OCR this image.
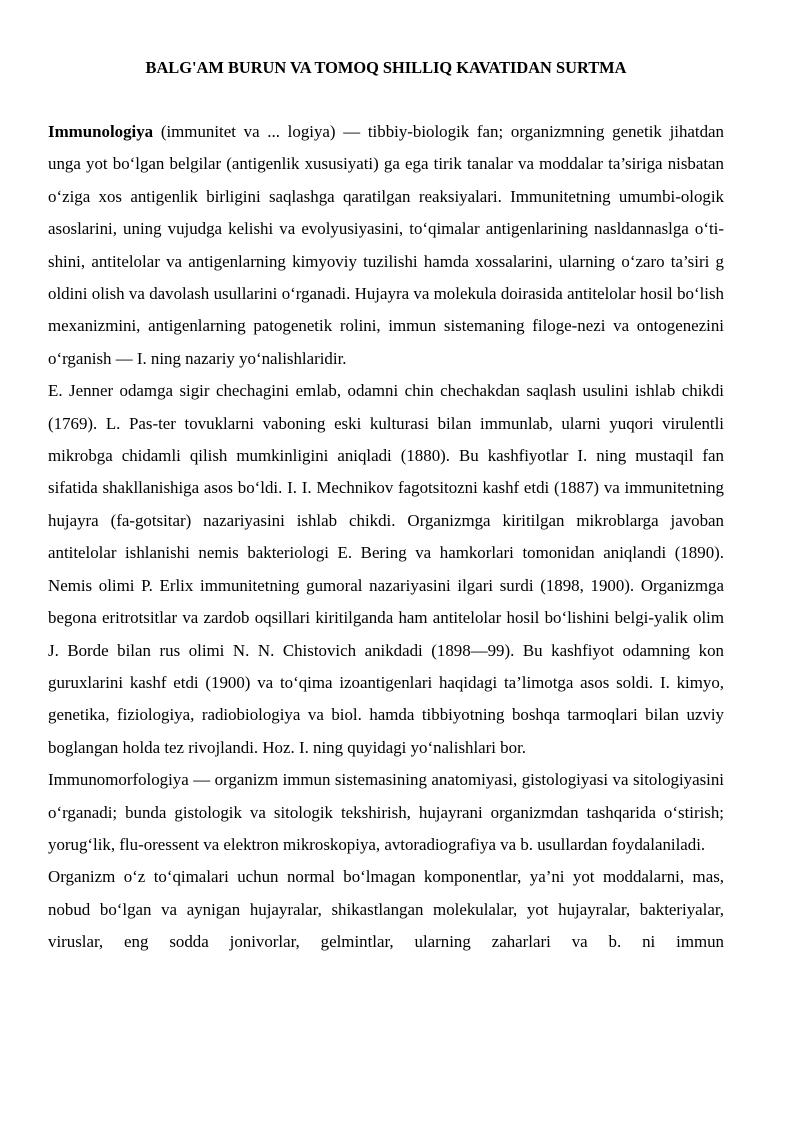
BALG'AM BURUN VA TOMOQ SHILLIQ KAVATIDAN SURTMA

Immunologiya (immunitet va ... logiya) — tibbiy-biologik fan; organizmning genetik jihatdan unga yot bo‘lgan belgilar (antigenlik xususiyati) ga ega tirik tanalar va moddalar ta’siriga nisbatan o‘ziga xos antigenlik birligini saqlashga qaratilgan reaksiyalari. Immunitetning umumbi-ologik asoslarini, uning vujudga kelishi va evolyusiyasini, to‘qimalar antigenlarining nasldannaslga o‘ti-shini, antitelolar va antigenlarning kimyoviy tuzilishi hamda xossalarini, ularning o‘zaro ta’siri g oldini olish va davolash usullarini o‘rganadi. Hujayra va molekula doirasida antitelolar hosil bo‘lish mexanizmini, antigenlarning patogenetik rolini, immun sistemaning filoge-nezi va ontogenezini o‘rganish — I. ning nazariy yo‘nalishlaridir.

E. Jenner odamga sigir chechagini emlab, odamni chin chechakdan saqlash usulini ishlab chikdi (1769). L. Pas-ter tovuklarni vaboning eski kulturasi bilan immunlab, ularni yuqori virulentli mikrobga chidamli qilish mumkinligini aniqladi (1880). Bu kashfiyotlar I. ning mustaqil fan sifatida shakllanishiga asos bo‘ldi. I. I. Mechnikov fagotsitozni kashf etdi (1887) va immunitetning hujayra (fa-gotsitar) nazariyasini ishlab chikdi. Organizmga kiritilgan mikroblarga javoban antitelolar ishlanishi nemis bakteriologi E. Bering va hamkorlari tomonidan aniqlandi (1890). Nemis olimi P. Erlix immunitetning gumoral nazariyasini ilgari surdi (1898, 1900). Organizmga begona eritrotsitlar va zardob oqsillari kiritilganda ham antitelolar hosil bo‘lishini belgi-yalik olim J. Borde bilan rus olimi N. N. Chistovich anikdadi (1898—99). Bu kashfiyot odamning kon guruxlarini kashf etdi (1900) va to‘qima izoantigenlari haqidagi ta’limotga asos soldi. I. kimyo, genetika, fiziologiya, radiobiologiya va biol. hamda tibbiyotning boshqa tarmoqlari bilan uzviy boglangan holda tez rivojlandi. Hoz. I. ning quyidagi yo‘nalishlari bor.

Immunomorfologiya — organizm immun sistemasining anatomiyasi, gistologiyasi va sitologiyasini o‘rganadi; bunda gistologik va sitologik tekshirish, hujayrani organizmdan tashqarida o‘stirish; yorug‘lik, flu-oressent va elektron mikroskopiya, avtoradiografiya va b. usullardan foydalaniladi.

Organizm o‘z to‘qimalari uchun normal bo‘lmagan komponentlar, ya’ni yot moddalarni, mas, nobud bo‘lgan va aynigan hujayralar, shikastlangan molekulalar, yot hujayralar, bakteriyalar, viruslar, eng sodda jonivorlar, gelmintlar, ularning zaharlari va b. ni immun
